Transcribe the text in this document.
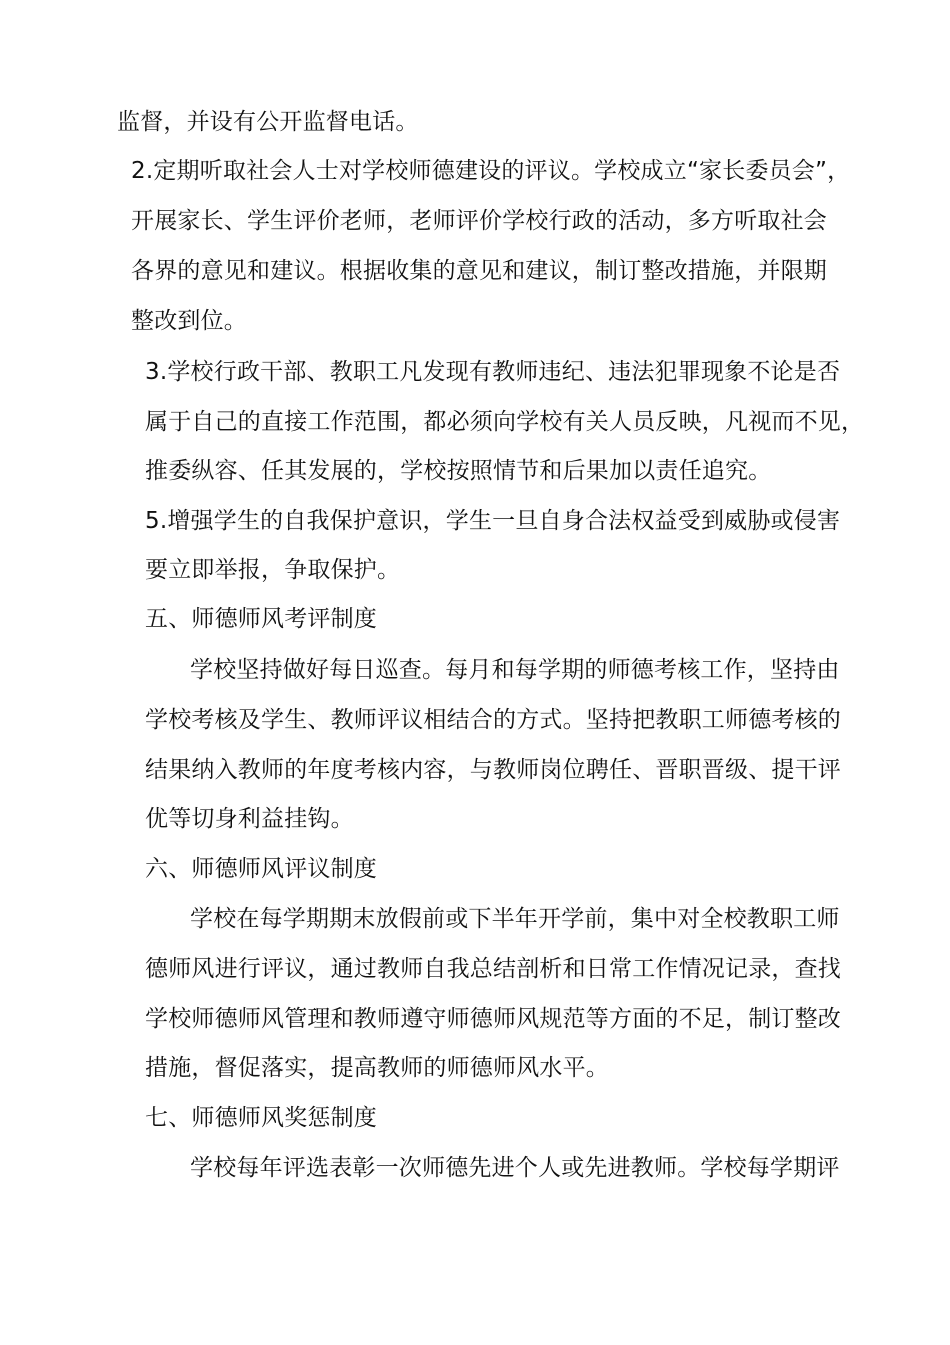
监督，并设有公开监督电话。
2.定期听取社会人士对学校师德建设的评议。学校成立“家长委员会”，
开展家长、学生评价老师，老师评价学校行政的活动，多方听取社会
各界的意见和建议。根据收集的意见和建议，制订整改措施，并限期
整改到位。
3.学校行政干部、教职工凡发现有教师违纪、违法犯罪现象不论是否
属于自己的直接工作范围，都必须向学校有关人员反映，凡视而不见，
推委纵容、任其发展的，学校按照情节和后果加以责任追究。
5.增强学生的自我保护意识，学生一旦自身合法权益受到威胁或侵害
要立即举报，争取保护。
五、师德师风考评制度
学校坚持做好每日巡查。每月和每学期的师德考核工作，坚持由
学校考核及学生、教师评议相结合的方式。坚持把教职工师德考核的
结果纳入教师的年度考核内容，与教师岗位聘任、晋职晋级、提干评
优等切身利益挂钩。
六、师德师风评议制度
学校在每学期期末放假前或下半年开学前，集中对全校教职工师
德师风进行评议，通过教师自我总结剖析和日常工作情况记录，查找
学校师德师风管理和教师遵守师德师风规范等方面的不足，制订整改
措施，督促落实，提高教师的师德师风水平。
七、师德师风奖惩制度
学校每年评选表彰一次师德先进个人或先进教师。学校每学期评
